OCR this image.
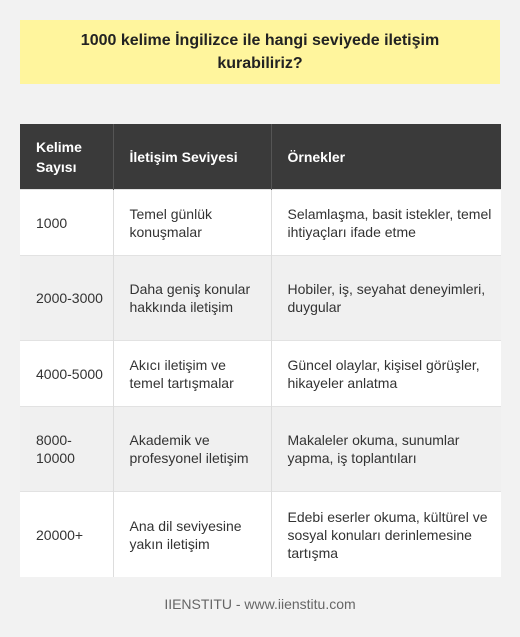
1000 kelime İngilizce ile hangi seviyede iletişim kurabiliriz?
Kelime Sayısı	İletişim Seviyesi	Örnekler
1000	Temel günlük konuşmalar	Selamlaşma, basit istekler, temel ihtiyaçları ifade etme
2000-3000	Daha geniş konular hakkında iletişim	Hobiler, iş, seyahat deneyimleri, duygular
4000-5000	Akıcı iletişim ve temel tartışmalar	Güncel olaylar, kişisel görüşler, hikayeler anlatma
8000-10000	Akademik ve profesyonel iletişim	Makaleler okuma, sunumlar yapma, iş toplantıları
20000+	Ana dil seviyesine yakın iletişim	Edebi eserler okuma, kültürel ve sosyal konuları derinlemesine tartışma
IIENSTITU - www.iienstitu.com
